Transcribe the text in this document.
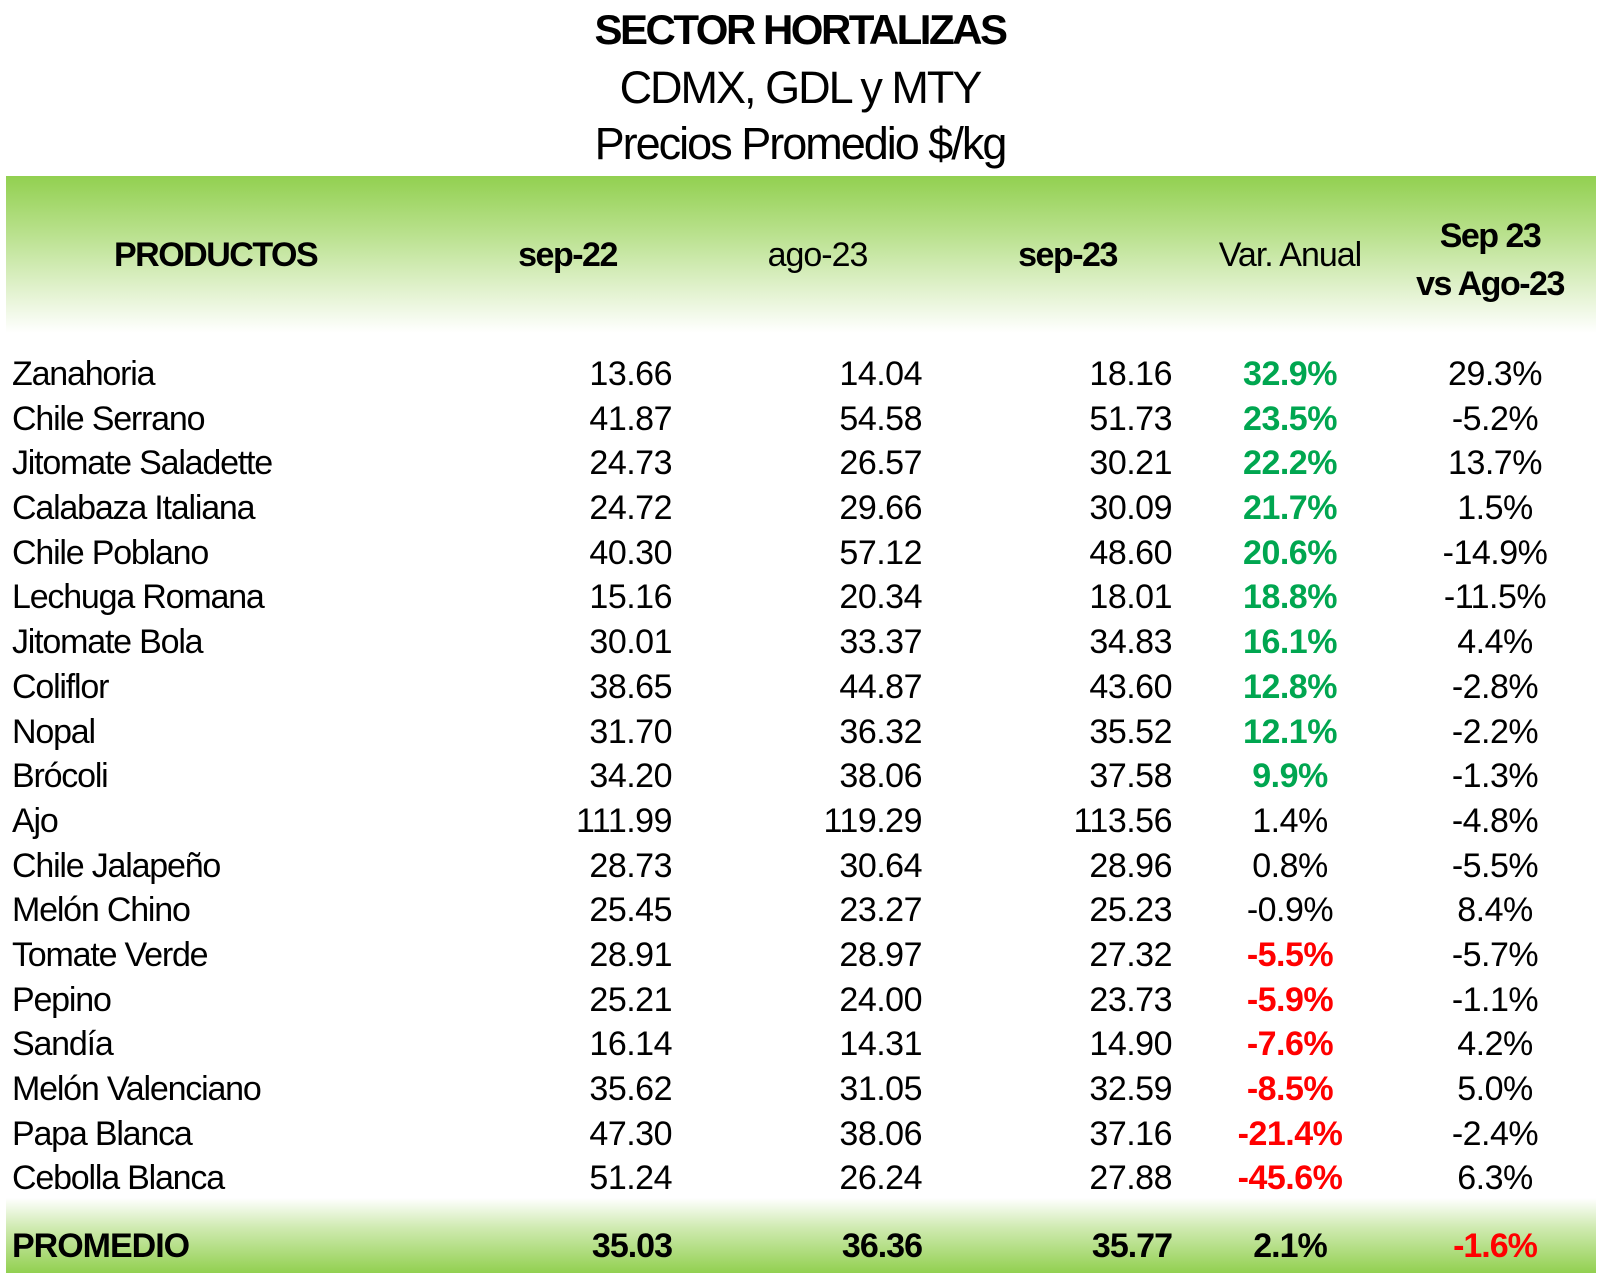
SECTOR HORTALIZAS
CDMX, GDL y MTY
Precios Promedio $/kg
PRODUCTOS	sep-22	ago-23	sep-23	Var. Anual	Sep 23
vs Ago-23
Zanahoria	13.66	14.04	18.16	32.9%	29.3%
Chile Serrano	41.87	54.58	51.73	23.5%	-5.2%
Jitomate Saladette	24.73	26.57	30.21	22.2%	13.7%
Calabaza Italiana	24.72	29.66	30.09	21.7%	1.5%
Chile Poblano	40.30	57.12	48.60	20.6%	-14.9%
Lechuga Romana	15.16	20.34	18.01	18.8%	-11.5%
Jitomate Bola	30.01	33.37	34.83	16.1%	4.4%
Coliflor	38.65	44.87	43.60	12.8%	-2.8%
Nopal	31.70	36.32	35.52	12.1%	-2.2%
Brócoli	34.20	38.06	37.58	9.9%	-1.3%
Ajo	111.99	119.29	113.56	1.4%	-4.8%
Chile Jalapeño	28.73	30.64	28.96	0.8%	-5.5%
Melón Chino	25.45	23.27	25.23	-0.9%	8.4%
Tomate Verde	28.91	28.97	27.32	-5.5%	-5.7%
Pepino	25.21	24.00	23.73	-5.9%	-1.1%
Sandía	16.14	14.31	14.90	-7.6%	4.2%
Melón Valenciano	35.62	31.05	32.59	-8.5%	5.0%
Papa Blanca	47.30	38.06	37.16	-21.4%	-2.4%
Cebolla Blanca	51.24	26.24	27.88	-45.6%	6.3%
PROMEDIO	35.03	36.36	35.77	2.1%	-1.6%
